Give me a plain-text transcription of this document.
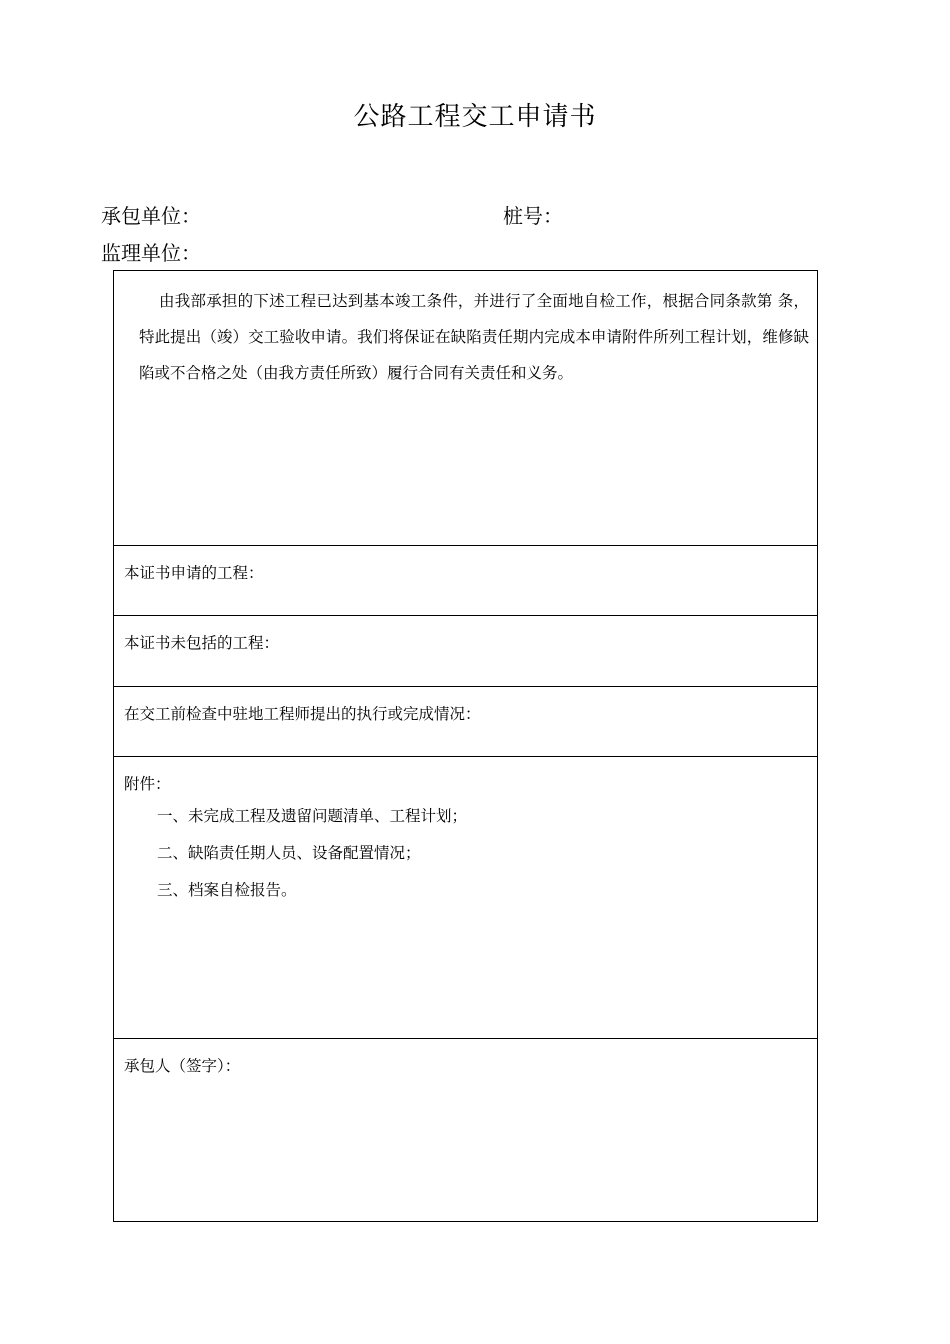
公路工程交工申请书
承包单位：	桩号：
监理单位：
由我部承担的下述工程已达到基本竣工条件，并进行了全面地自检工作，根据合同条款第 条，特此提出（竣）交工验收申请。我们将保证在缺陷责任期内完成本申请附件所列工程计划，维修缺陷或不合格之处（由我方责任所致）履行合同有关责任和义务。
本证书申请的工程：
本证书未包括的工程：
在交工前检查中驻地工程师提出的执行或完成情况：
附件：
一、未完成工程及遗留问题清单、工程计划；
二、缺陷责任期人员、设备配置情况；
三、档案自检报告。
承包人（签字）：
